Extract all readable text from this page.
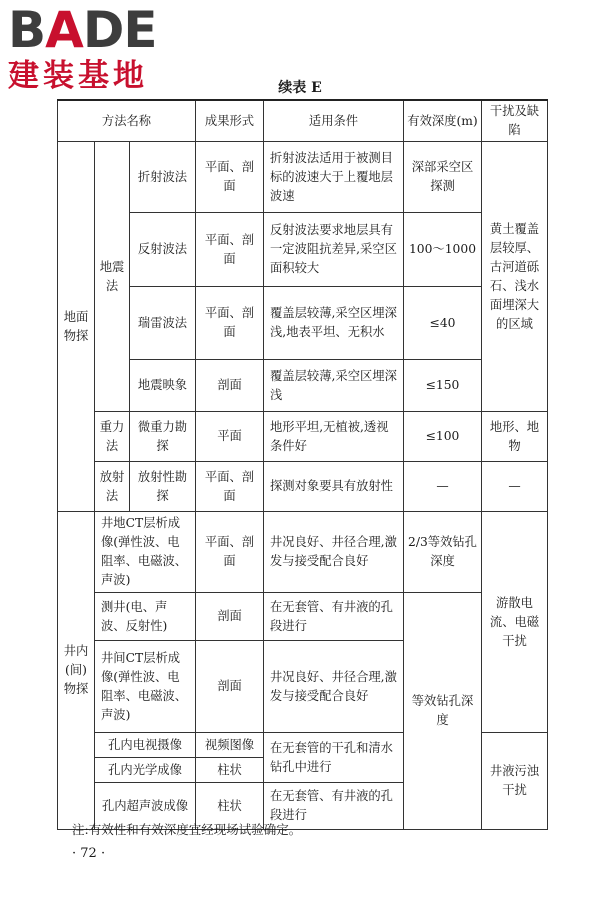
BADE
建装基地	续表 E
方法名称			成果形式	适用条件	有效深度(m)	干扰及缺陷
地面物探	地震法	折射波法	平面、剖面	折射波法适用于被测目标的波速大于上覆地层波速	深部采空区探测	黄土覆盖层较厚、古河道砾石、浅水面埋深大的区域
		反射波法	平面、剖面	反射波法要求地层具有一定波阻抗差异,采空区面积较大	100～1000	
		瑞雷波法	平面、剖面	覆盖层较薄,采空区埋深浅,地表平坦、无积水	≤40	
		地震映象	剖面	覆盖层较薄,采空区埋深浅	≤150	
	重力法	微重力勘探	平面	地形平坦,无植被,透视条件好	≤100	地形、地物
	放射法	放射性勘探	平面、剖面	探测对象要具有放射性	—	—
井内(间)物探	井地CT层析成像(弹性波、电阻率、电磁波、声波)		平面、剖面	井况良好、井径合理,激发与接受配合良好	2/3等效钻孔深度	游散电流、电磁干扰
	测井(电、声波、反射性)		剖面	在无套管、有井液的孔段进行	等效钻孔深度	
	井间CT层析成像(弹性波、电阻率、电磁波、声波)		剖面	井况良好、井径合理,激发与接受配合良好		
	孔内电视摄像		视频图像	在无套管的干孔和清水钻孔中进行		井液污浊干扰
	孔内光学成像		柱状			
	孔内超声波成像		柱状	在无套管、有井液的孔段进行		
注:有效性和有效深度宜经现场试验确定。
· 72 ·
